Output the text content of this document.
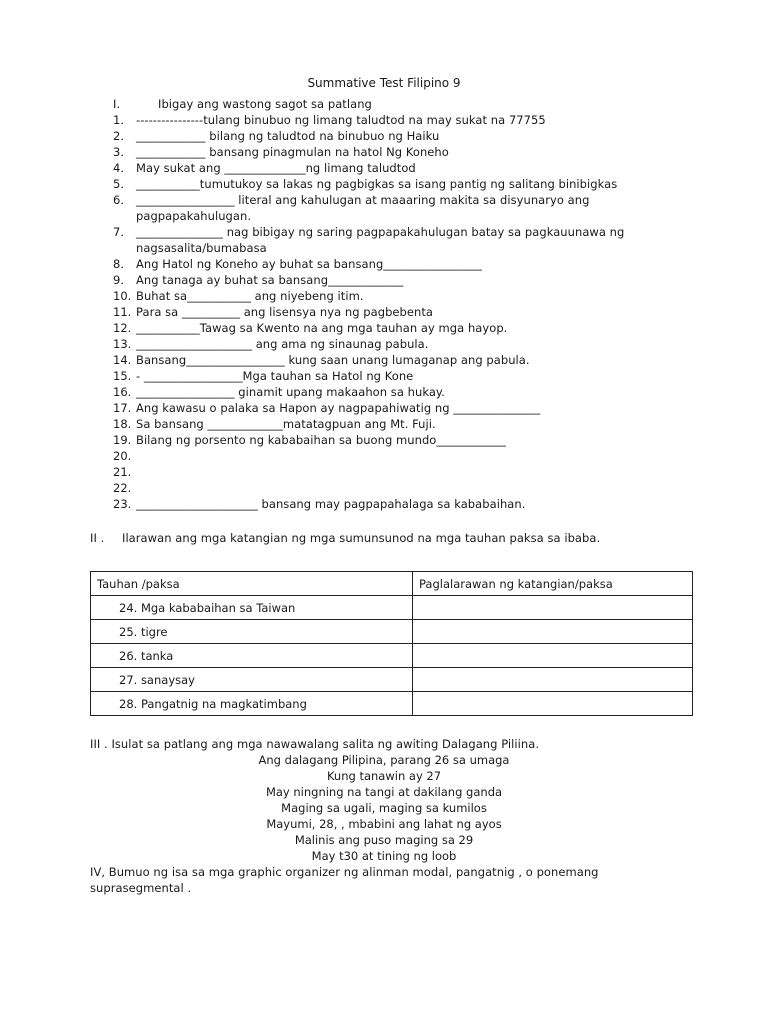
Summative Test Filipino 9
I.	Ibigay ang wastong sagot sa patlang
1.	----------------tulang binubuo ng limang taludtod na may sukat na 77755
2.	____________ bilang ng taludtod na binubuo ng Haiku
3.	____________ bansang pinagmulan na hatol Ng Koneho
4.	May sukat ang ______________ng limang taludtod
5.	___________tumutukoy sa lakas ng pagbigkas sa isang pantig ng salitang binibigkas
6.	_________________ literal ang kahulugan at maaaring makita sa disyunaryo ang
pagpapakahulugan.
7.	_______________ nag bibigay ng saring pagpapakahulugan batay sa pagkauunawa ng
nagsasalita/bumabasa
8.	Ang Hatol ng Koneho ay buhat sa bansang_________________
9.	Ang tanaga ay buhat sa bansang_____________
10. Buhat sa___________ ang niyebeng itim.
11. Para sa __________ ang lisensya nya ng pagbebenta
12. ___________Tawag sa Kwento na ang mga tauhan ay mga hayop.
13. ____________________ ang ama ng sinaunag pabula.
14. Bansang_________________ kung saan unang lumaganap ang pabula.
15. - _________________Mga tauhan sa Hatol ng Kone
16. _________________ ginamit upang makaahon sa hukay.
17. Ang kawasu o palaka sa Hapon ay nagpapahiwatig ng _______________
18. Sa bansang _____________matatagpuan ang Mt. Fuji.
19. Bilang ng porsento ng kababaihan sa buong mundo____________
20.
21.
22.
23. _____________________ bansang may pagpapahalaga sa kababaihan.
II . Ilarawan ang mga katangian ng mga sumunsunod na mga tauhan paksa sa ibaba.
Tauhan /paksa	Paglalarawan ng katangian/paksa
24. Mga kababaihan sa Taiwan	
25. tigre	
26. tanka	
27. sanaysay	
28. Pangatnig na magkatimbang	
III . Isulat sa patlang ang mga nawawalang salita ng awiting Dalagang Piliina.
Ang dalagang Pilipina, parang 26 sa umaga
Kung tanawin ay 27
May ningning na tangi at dakilang ganda
Maging sa ugali, maging sa kumilos
Mayumi, 28, , mbabini ang lahat ng ayos
Malinis ang puso maging sa 29
May t30 at tining ng loob
IV, Bumuo ng isa sa mga graphic organizer ng alinman modal, pangatnig , o ponemang
suprasegmental .
